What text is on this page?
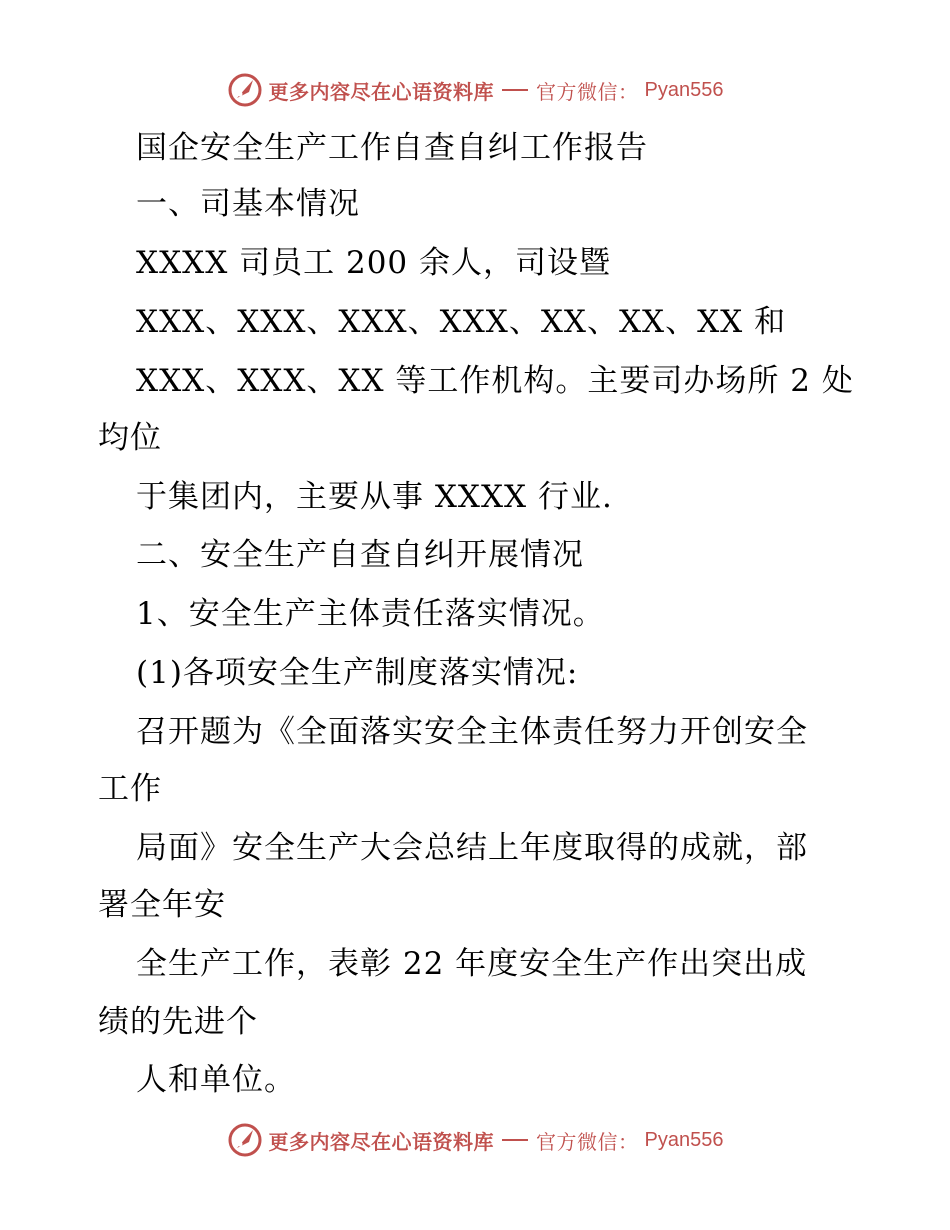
更多内容尽在心语资料库 官方微信： Pyan556
国企安全生产工作自查自纠工作报告
一、司基本情况
XXXX 司员工 200 余人，司设暨
XXX、XXX、XXX、XXX、XX、XX、XX 和
XXX、XXX、XX 等工作机构。主要司办场所 2 处
均位
于集团内，主要从事 XXXX 行业.
二、安全生产自查自纠开展情况
1、安全生产主体责任落实情况。
(1)各项安全生产制度落实情况:
召开题为《全面落实安全主体责任努力开创安全
工作
局面》安全生产大会总结上年度取得的成就，部
署全年安
全生产工作，表彰 22 年度安全生产作出突出成
绩的先进个
人和单位。
更多内容尽在心语资料库 官方微信： Pyan556
